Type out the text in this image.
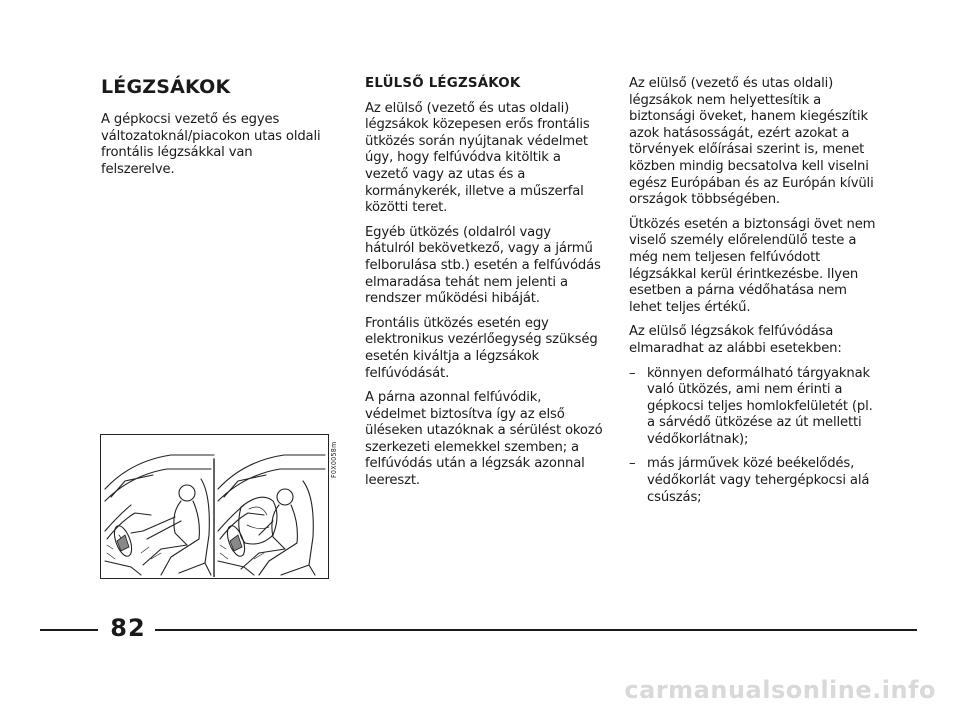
LÉGZSÁKOK

A gépkocsi vezető és egyes változatoknál/piacokon utas oldali frontális légzsákkal van felszerelve.

ELÜLSŐ LÉGZSÁKOK

Az elülső (vezető és utas oldali) légzsákok közepesen erős frontális ütközés során nyújtanak védelmet úgy, hogy felfúvódva kitöltik a vezető vagy az utas és a kormánykerék, illetve a műszerfal közötti teret.

Egyéb ütközés (oldalról vagy hátulról bekövetkező, vagy a jármű felborulása stb.) esetén a felfúvódás elmaradása tehát nem jelenti a rendszer működési hibáját.

Frontális ütközés esetén egy elektronikus vezérlőegység szükség esetén kiváltja a légzsákok felfúvódását.

A párna azonnal felfúvódik, védelmet biztosítva így az első üléseken utazóknak a sérülést okozó szerkezeti elemekkel szemben; a felfúvódás után a légzsák azonnal leereszt.

Az elülső (vezető és utas oldali) légzsákok nem helyettesítik a biztonsági öveket, hanem kiegészítik azok hatásosságát, ezért azokat a törvények előírásai szerint is, menet közben mindig becsatolva kell viselni egész Európában és az Európán kívüli országok többségében.

Ütközés esetén a biztonsági övet nem viselő személy előrelendülő teste a még nem teljesen felfúvódott légzsákkal kerül érintkezésbe. Ilyen esetben a párna védőhatása nem lehet teljes értékű.

Az elülső légzsákok felfúvódása elmaradhat az alábbi esetekben:

– könnyen deformálható tárgyaknak való ütközés, ami nem érinti a gépkocsi teljes homlokfelületét (pl. a sárvédő ütközése az út melletti védőkorlátnak);
– más járművek közé beékelődés, védőkorlát vagy tehergépkocsi alá csúszás;
F0X0058m
82
carmanualsonline.info
